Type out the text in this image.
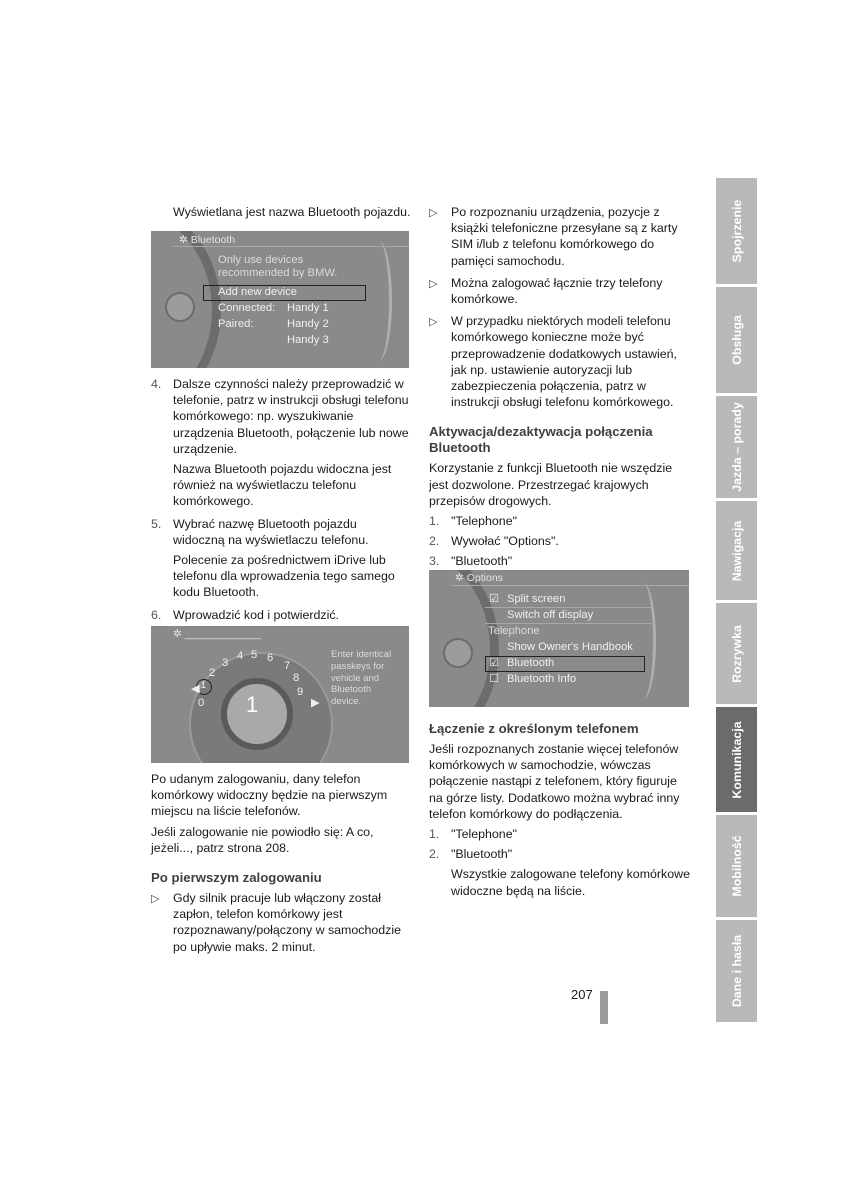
Wyświetlana jest nazwa Bluetooth pojazdu.
✲ Bluetooth
Only use devices
recommended by BMW.
Add new device
Connected: Handy 1
Paired:	Handy 2
Handy 3
4. Dalsze czynności należy przeprowadzić w telefonie, patrz w instrukcji obsługi telefonu komórkowego: np. wyszukiwanie urządzenia Bluetooth, połączenie lub nowe urządzenie.
Nazwa Bluetooth pojazdu widoczna jest również na wyświetlaczu telefonu komórkowego.
5. Wybrać nazwę Bluetooth pojazdu widoczną na wyświetlaczu telefonu.
Polecenie za pośrednictwem iDrive lub telefonu dla wprowadzenia tego samego kodu Bluetooth.
6. Wprowadzić kod i potwierdzić.
✲ _____________
1
3
4 5 6
2
7
8
9
0
1
▶
◀
Enter identical
passkeys for
vehicle and
Bluetooth
device.

Po udanym zalogowaniu, dany telefon komórkowy widoczny będzie na pierwszym miejscu na liście telefonów.

Jeśli zalogowanie nie powiodło się: A co, jeżeli..., patrz strona 208.

Po pierwszym zalogowaniu
▷	Gdy silnik pracuje lub włączony został zapłon, telefon komórkowy jest rozpoznawany/połączony w samochodzie po upływie maks. 2 minut.
▷	Po rozpoznaniu urządzenia, pozycje z książki telefoniczne przesyłane są z karty SIM i/lub z telefonu komórkowego do pamięci samochodu.
▷	Można zalogować łącznie trzy telefony komórkowe.
▷	W przypadku niektórych modeli telefonu komórkowego konieczne może być przeprowadzenie dodatkowych ustawień, jak np. ustawienie autoryzacji lub zabezpieczenia połączenia, patrz w instrukcji obsługi telefonu komórkowego.
Aktywacja/dezaktywacja połączenia Bluetooth

Korzystanie z funkcji Bluetooth nie wszędzie jest dozwolone. Przestrzegać krajowych przepisów drogowych.

1. "Telephone"
2. Wywołać "Options".
3. "Bluetooth"
✲ Options
☑ Split screen
Switch off display
Telephone
Show Owner's Handbook
☑ Bluetooth
☐ Bluetooth Info
Łączenie z określonym telefonem

Jeśli rozpoznanych zostanie więcej telefonów komórkowych w samochodzie, wówczas połączenie nastąpi z telefonem, który figuruje na górze listy. Dodatkowo można wybrać inny telefon komórkowy do podłączenia.

1. "Telephone"
2. "Bluetooth"
Wszystkie zalogowane telefony komórkowe widoczne będą na liście.
Spojrzenie
Obsługa
Jazda – porady
Nawigacja
Rozrywka
Komunikacja
Mobilność
Dane i hasła
207
